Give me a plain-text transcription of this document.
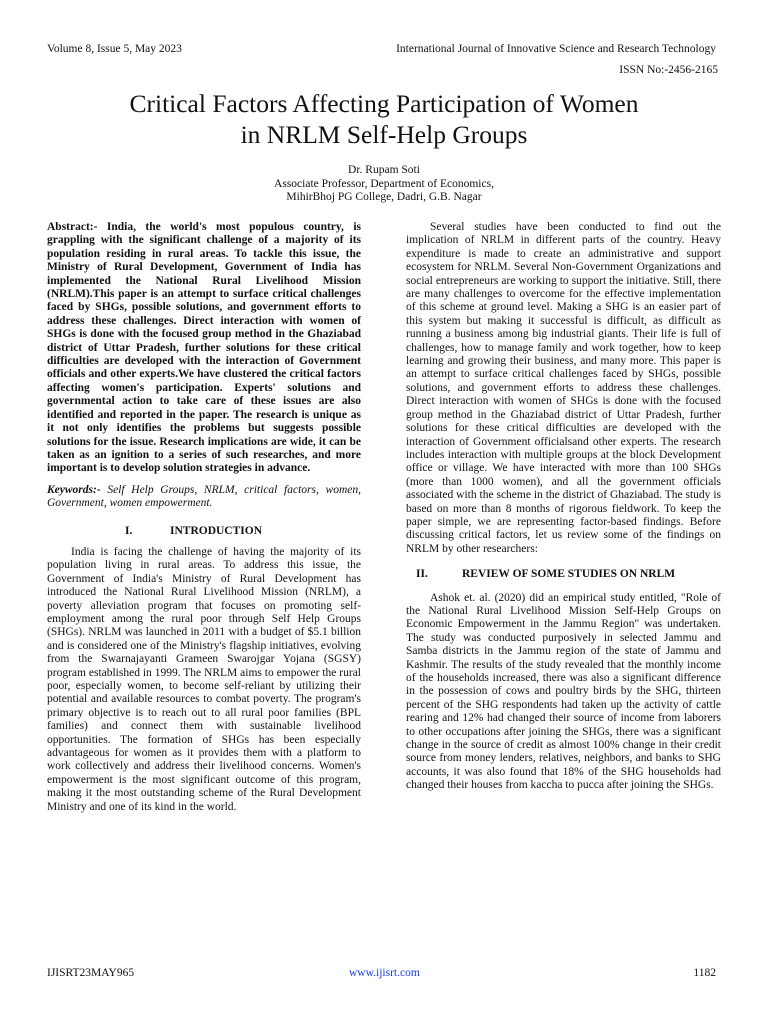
Volume 8, Issue 5, May 2023	International Journal of Innovative Science and Research Technology
ISSN No:-2456-2165
Critical Factors Affecting Participation of Women
in NRLM Self-Help Groups
Dr. Rupam Soti
Associate Professor, Department of Economics,
MihirBhoj PG College, Dadri, G.B. Nagar

Abstract:- India, the world's most populous country, is grappling with the significant challenge of a majority of its population residing in rural areas. To tackle this issue, the Ministry of Rural Development, Government of India has implemented the National Rural Livelihood Mission (NRLM).This paper is an attempt to surface critical challenges faced by SHGs, possible solutions, and government efforts to address these challenges. Direct interaction with women of SHGs is done with the focused group method in the Ghaziabad district of Uttar Pradesh, further solutions for these critical difficulties are developed with the interaction of Government officials and other experts.We have clustered the critical factors affecting women's participation. Experts' solutions and governmental action to take care of these issues are also identified and reported in the paper. The research is unique as it not only identifies the problems but suggests possible solutions for the issue. Research implications are wide, it can be taken as an ignition to a series of such researches, and more important is to develop solution strategies in advance.

Keywords:- Self Help Groups, NRLM, critical factors, women, Government, women empowerment.

I.	INTRODUCTION

India is facing the challenge of having the majority of its population living in rural areas. To address this issue, the Government of India's Ministry of Rural Development has introduced the National Rural Livelihood Mission (NRLM), a poverty alleviation program that focuses on promoting self-employment among the rural poor through Self Help Groups (SHGs). NRLM was launched in 2011 with a budget of $5.1 billion and is considered one of the Ministry's flagship initiatives, evolving from the Swarnajayanti Grameen Swarojgar Yojana (SGSY) program established in 1999. The NRLM aims to empower the rural poor, especially women, to become self-reliant by utilizing their potential and available resources to combat poverty. The program's primary objective is to reach out to all rural poor families (BPL families) and connect them with sustainable livelihood opportunities. The formation of SHGs has been especially advantageous for women as it provides them with a platform to work collectively and address their livelihood concerns. Women's empowerment is the most significant outcome of this program, making it the most outstanding scheme of the Rural Development Ministry and one of its kind in the world.

Several studies have been conducted to find out the implication of NRLM in different parts of the country. Heavy expenditure is made to create an administrative and support ecosystem for NRLM. Several Non-Government Organizations and social entrepreneurs are working to support the initiative. Still, there are many challenges to overcome for the effective implementation of this scheme at ground level. Making a SHG is an easier part of this system but making it successful is difficult, as difficult as running a business among big industrial giants. Their life is full of challenges, how to manage family and work together, how to keep learning and growing their business, and many more. This paper is an attempt to surface critical challenges faced by SHGs, possible solutions, and government efforts to address these challenges. Direct interaction with women of SHGs is done with the focused group method in the Ghaziabad district of Uttar Pradesh, further solutions for these critical difficulties are developed with the interaction of Government officialsand other experts. The research includes interaction with multiple groups at the block Development office or village. We have interacted with more than 100 SHGs (more than 1000 women), and all the government officials associated with the scheme in the district of Ghaziabad. The study is based on more than 8 months of rigorous fieldwork. To keep the paper simple, we are representing factor-based findings. Before discussing critical factors, let us review some of the findings on NRLM by other researchers:

II.	REVIEW OF SOME STUDIES ON NRLM

Ashok et. al. (2020) did an empirical study entitled, "Role of the National Rural Livelihood Mission Self-Help Groups on Economic Empowerment in the Jammu Region" was undertaken. The study was conducted purposively in selected Jammu and Samba districts in the Jammu region of the state of Jammu and Kashmir. The results of the study revealed that the monthly income of the households increased, there was also a significant difference in the possession of cows and poultry birds by the SHG, thirteen percent of the SHG respondents had taken up the activity of cattle rearing and 12% had changed their source of income from laborers to other occupations after joining the SHGs, there was a significant change in the source of credit as almost 100% change in their credit source from money lenders, relatives, neighbors, and banks to SHG accounts, it was also found that 18% of the SHG households had changed their houses from kaccha to pucca after joining the SHGs.

IJISRT23MAY965	www.ijisrt.com	1182
